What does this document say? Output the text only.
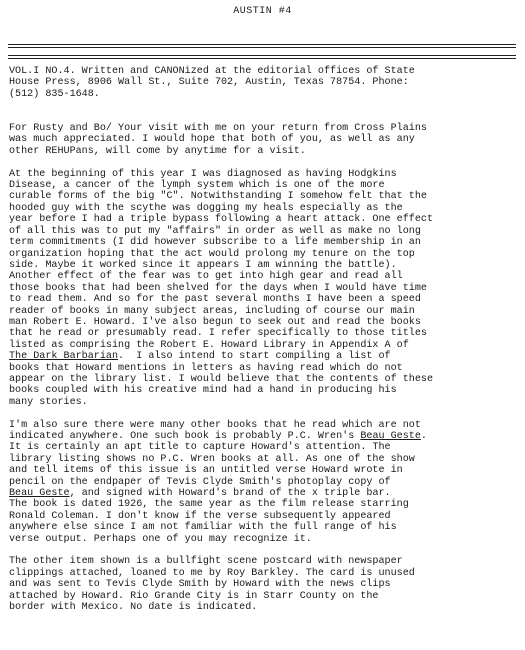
AUSTIN #4
VOL.I NO.4. Written and CANONized at the editorial offices of State
House Press, 8906 Wall St., Suite 702, Austin, Texas 78754. Phone:
(512) 835-1648.

For Rusty and Bo/ Your visit with me on your return from Cross Plains
was much appreciated. I would hope that both of you, as well as any
other REHUPans, will come by anytime for a visit.

At the beginning of this year I was diagnosed as having Hodgkins
Disease, a cancer of the lymph system which is one of the more
curable forms of the big "C". Notwithstanding I somehow felt that the
hooded guy with the scythe was dogging my heals especially as the
year before I had a triple bypass following a heart attack. One effect
of all this was to put my "affairs" in order as well as make no long
term commitments (I did however subscribe to a life membership in an
organization hoping that the act would prolong my tenure on the top
side. Maybe it worked since it appears I am winning the battle).
Another effect of the fear was to get into high gear and read all
those books that had been shelved for the days when I would have time
to read them. And so for the past several months I have been a speed
reader of books in many subject areas, including of course our main
man Robert E. Howard. I've also begun to seek out and read the books
that he read or presumably read. I refer specifically to those titles
listed as comprising the Robert E. Howard Library in Appendix A of
The Dark Barbarian.  I also intend to start compiling a list of
books that Howard mentions in letters as having read which do not
appear on the library list. I would believe that the contents of these
books coupled with his creative mind had a hand in producing his
many stories.

I'm also sure there were many other books that he read which are not
indicated anywhere. One such book is probably P.C. Wren's Beau Geste.
It is certainly an apt title to capture Howard's attention. The
library listing shows no P.C. Wren books at all. As one of the show
and tell items of this issue is an untitled verse Howard wrote in
pencil on the endpaper of Tevis Clyde Smith's photoplay copy of
Beau Geste, and signed with Howard's brand of the x triple bar.
The book is dated 1926, the same year as the film release starring
Ronald Coleman. I don't know if the verse subsequently appeared
anywhere else since I am not familiar with the full range of his
verse output. Perhaps one of you may recognize it.

The other item shown is a bullfight scene postcard with newspaper
clippings attached, loaned to me by Roy Barkley. The card is unused
and was sent to Tevis Clyde Smith by Howard with the news clips
attached by Howard. Rio Grande City is in Starr County on the
border with Mexico. No date is indicated.
